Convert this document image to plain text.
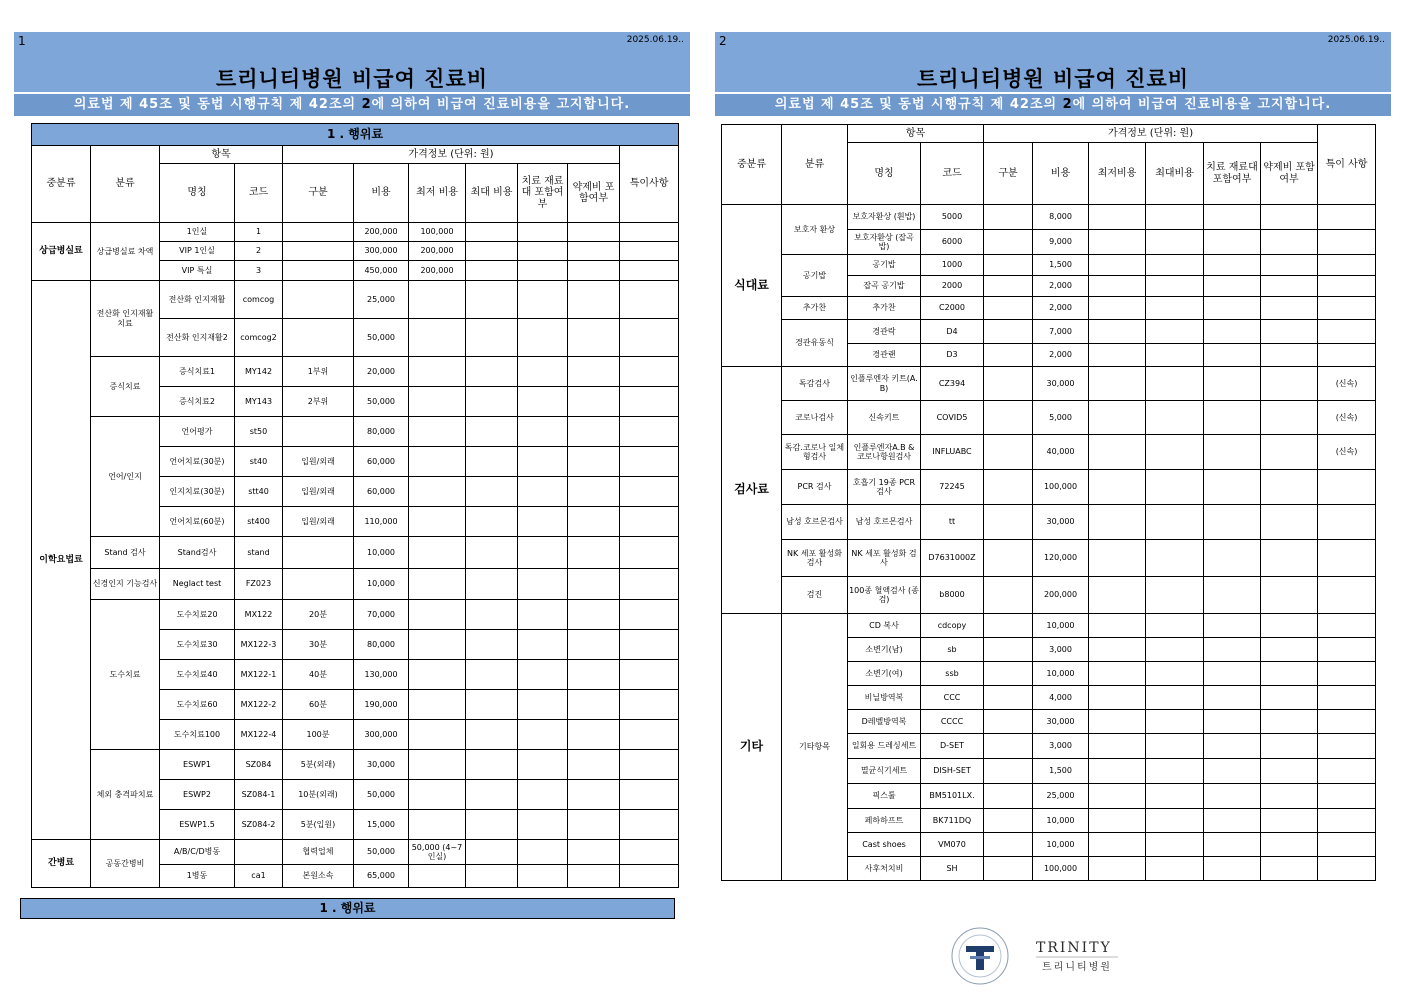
1	2025.06.19..
트리니티병원 비급여 진료비
의료법 제 45조 및 동법 시행규칙 제 42조의 2에 의하여 비급여 진료비용을 고지합니다.
2	2025.06.19..
트리니티병원 비급여 진료비
의료법 제 45조 및 동법 시행규칙 제 42조의 2에 의하여 비급여 진료비용을 고지합니다.
1 . 행위료										
중분류	분류	항목		가격정보 (단위: 원)						특이사항
		명칭	코드	구분	비용	최저 비용	최대 비용	치료 재료대 포함여부	약제비 포함여부	
상급병실료	상급병실료 차액	1인실	1		200,000	100,000				
		VIP 1인실	2		300,000	200,000				
		VIP 특실	3		450,000	200,000				
이학요법료	전산화 인지재활 치료	전산화 인지재활	comcog		25,000					
		전산화 인지재활2	comcog2		50,000					
	증식치료	증식치료1	MY142	1부위	20,000					
		증식치료2	MY143	2부위	50,000					
	언어/인지	언어평가	st50		80,000					
		언어치료(30분)	st40	입원/외래	60,000					
		인지치료(30분)	stt40	입원/외래	60,000					
		언어치료(60분)	st400	입원/외래	110,000					
	Stand 검사	Stand검사	stand		10,000					
	신경인지 기능검사	Neglact test	FZ023		10,000					
	도수치료	도수치료20	MX122	20분	70,000					
		도수치료30	MX122-3	30분	80,000					
		도수치료40	MX122-1	40분	130,000					
		도수치료60	MX122-2	60분	190,000					
		도수치료100	MX122-4	100분	300,000					
	체외 충격파치료	ESWP1	SZ084	5분(외래)	30,000					
		ESWP2	SZ084-1	10분(외래)	50,000					
		ESWP1.5	SZ084-2	5분(입원)	15,000					
간병료	공동간병비	A/B/C/D병동		협력업체	50,000	50,000 (4~7인실)				
		1병동	ca1	본원소속	65,000					
1 . 행위료
중분류	분류	항목		가격정보 (단위: 원)						특이 사항
		명칭	코드	구분	비용	최저비용	최대비용	치료 재료대 포함여부	약제비 포함여부	
식대료	보호자 환상	보호자환상 (흰밥)	5000		8,000					
		보호자환상 (잡곡밥)	6000		9,000					
	공기밥	공기밥	1000		1,500					
		잡곡 공기밥	2000		2,000					
	추가찬	추가찬	C2000		2,000					
	경관유동식	경관락	D4		7,000					
		경관랜	D3		2,000					
검사료	독감검사	인플루엔자 키트(A.B)	CZ394		30,000					(신속)
	코로나검사	신속키트	COVID5		5,000					(신속)
	독감.코로나 일체형검사	인플루엔자A.B & 코로나항원검사	INFLUABC		40,000					(신속)
	PCR 검사	호흡기 19종 PCR 검사	72245		100,000					
	남성 호르몬검사	남성 호르몬검사	tt		30,000					
	NK 세포 활성화 검사	NK 세포 활성화 검사	D7631000Z		120,000					
	검진	100종 혈액검사 (종검)	b8000		200,000					
기타	기타항목	CD 복사	cdcopy		10,000					
		소변기(남)	sb		3,000					
		소변기(여)	ssb		10,000					
		비닐방역복	CCC		4,000					
		D레벨방역복	CCCC		30,000					
		일회용 드레싱세트	D-SET		3,000					
		멸균식기세트	DISH-SET		1,500					
		픽스툴	BM5101LX.		25,000					
		페하하프트	BK711DQ		10,000					
		Cast shoes	VM070		10,000					
		사후처치비	SH		100,000					
TRINITY
트리니티병원
